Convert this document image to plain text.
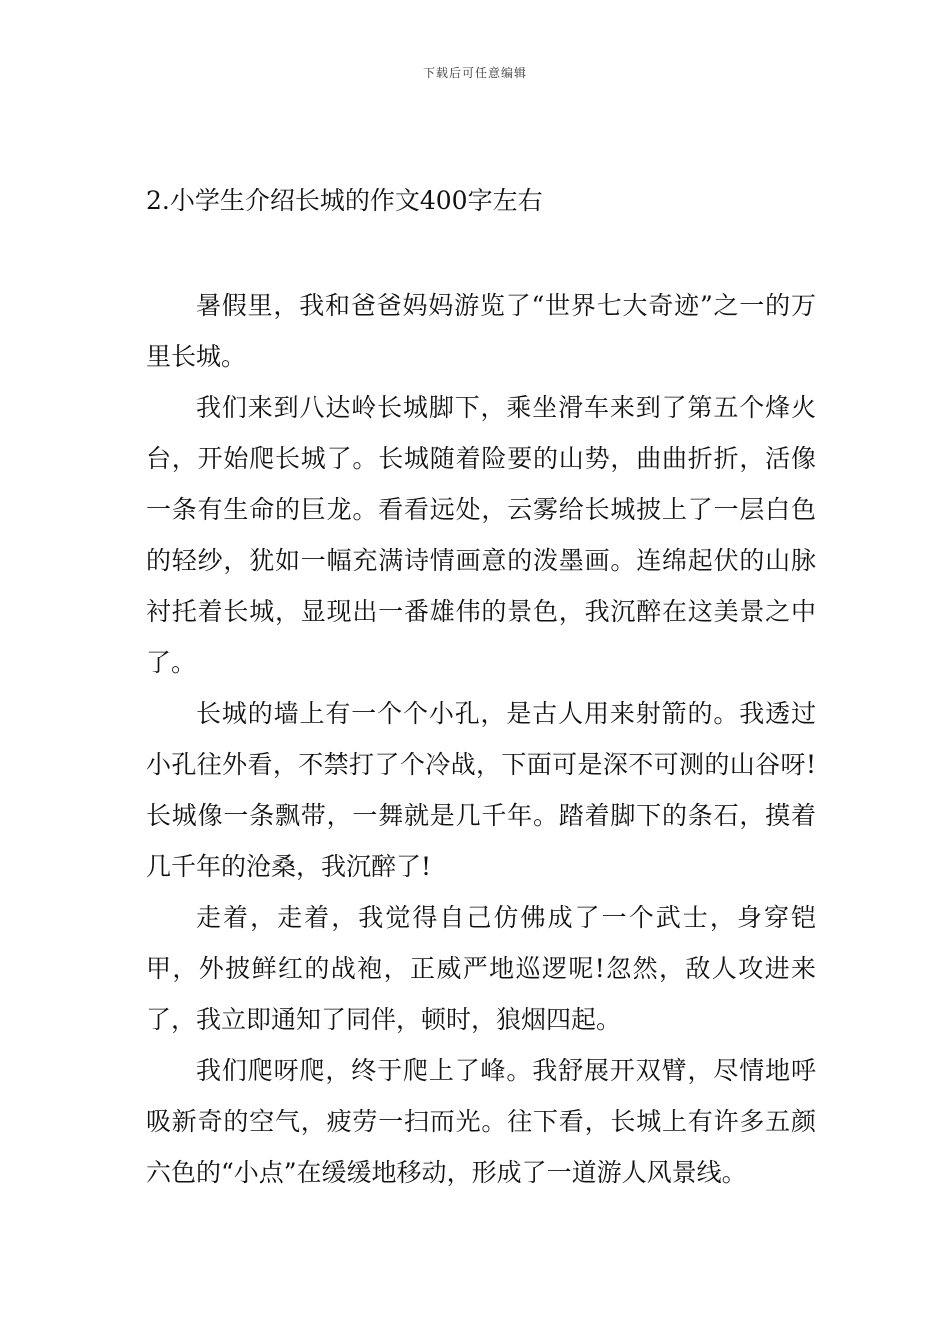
下载后可任意编辑
2.小学生介绍长城的作文400字左右

暑假里，我和爸爸妈妈游览了“世界七大奇迹”之一的万里长城。

我们来到八达岭长城脚下，乘坐滑车来到了第五个烽火台，开始爬长城了。长城随着险要的山势，曲曲折折，活像一条有生命的巨龙。看看远处，云雾给长城披上了一层白色的轻纱，犹如一幅充满诗情画意的泼墨画。连绵起伏的山脉衬托着长城，显现出一番雄伟的景色，我沉醉在这美景之中了。

长城的墙上有一个个小孔，是古人用来射箭的。我透过小孔往外看，不禁打了个冷战，下面可是深不可测的山谷呀!长城像一条飘带，一舞就是几千年。踏着脚下的条石，摸着几千年的沧桑，我沉醉了!

走着，走着，我觉得自己仿佛成了一个武士，身穿铠甲，外披鲜红的战袍，正威严地巡逻呢!忽然，敌人攻进来了，我立即通知了同伴，顿时，狼烟四起。

我们爬呀爬，终于爬上了峰。我舒展开双臂，尽情地呼吸新奇的空气，疲劳一扫而光。往下看，长城上有许多五颜六色的“小点”在缓缓地移动，形成了一道游人风景线。
